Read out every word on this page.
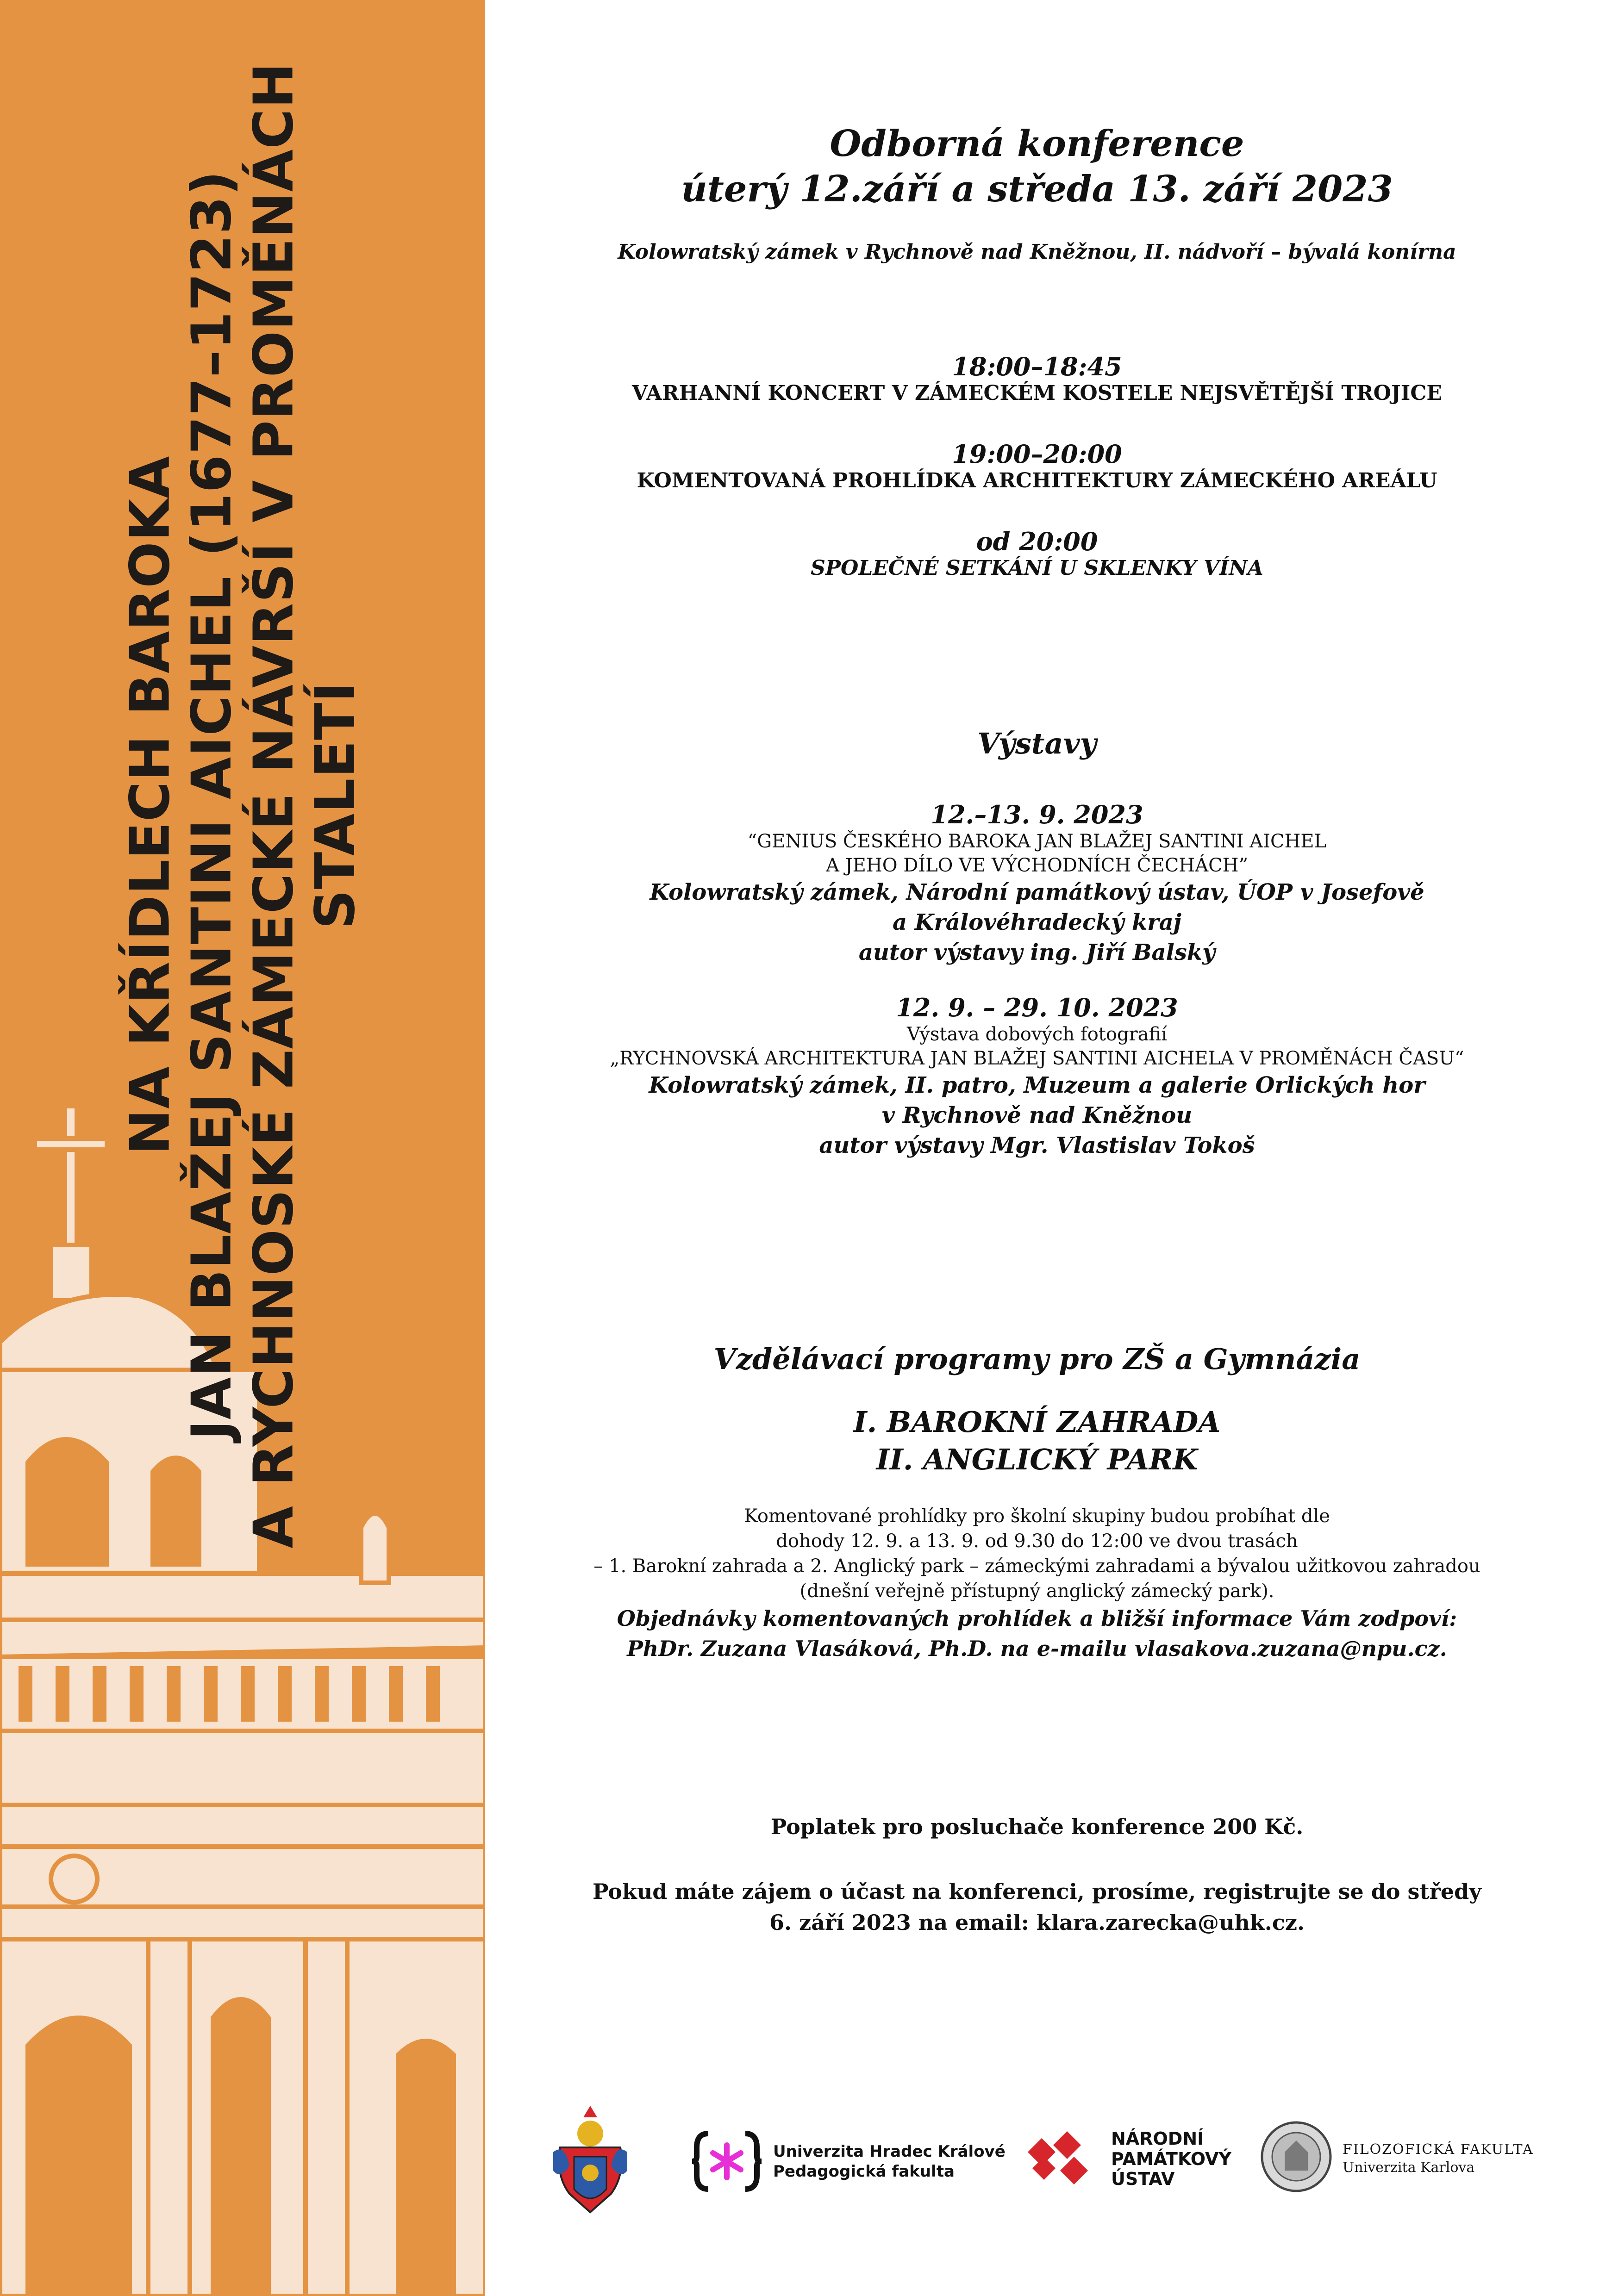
NA KŘÍDLECH BAROKA
JAN BLAŽEJ SANTINI AICHEL (1677–1723)
A RYCHNOSKÉ ZÁMECKÉ NÁVRŠÍ V PROMĚNÁCH STALETÍ
Odborná konference
úterý 12.září a středa 13. září 2023
Kolowratský zámek v Rychnově nad Kněžnou, II. nádvoří – bývalá konírna
18:00–18:45
VARHANNÍ KONCERT V ZÁMECKÉM KOSTELE NEJSVĚTĚJŠÍ TROJICE
19:00–20:00
KOMENTOVANÁ PROHLÍDKA ARCHITEKTURY ZÁMECKÉHO AREÁLU
od 20:00
SPOLEČNÉ SETKÁNÍ U SKLENKY VÍNA
Výstavy
12.–13. 9. 2023
“GENIUS ČESKÉHO BAROKA JAN BLAŽEJ SANTINI AICHEL
A JEHO DÍLO VE VÝCHODNÍCH ČECHÁCH”
Kolowratský zámek, Národní památkový ústav, ÚOP v Josefově
a Královéhradecký kraj
autor výstavy ing. Jiří Balský
12. 9. – 29. 10. 2023
Výstava dobových fotografií
„RYCHNOVSKÁ ARCHITEKTURA JAN BLAŽEJ SANTINI AICHELA V PROMĚNÁCH ČASU“
Kolowratský zámek, II. patro, Muzeum a galerie Orlických hor
v Rychnově nad Kněžnou
autor výstavy Mgr. Vlastislav Tokoš
Vzdělávací programy pro ZŠ a Gymnázia
I. BAROKNÍ ZAHRADA
II. ANGLICKÝ PARK
Komentované prohlídky pro školní skupiny budou probíhat dle
dohody 12. 9. a 13. 9. od 9.30 do 12:00 ve dvou trasách
– 1. Barokní zahrada a 2. Anglický park – zámeckými zahradami a bývalou užitkovou zahradou
(dnešní veřejně přístupný anglický zámecký park).
Objednávky komentovaných prohlídek a bližší informace Vám zodpoví:
PhDr. Zuzana Vlasáková, Ph.D. na e-mailu vlasakova.zuzana@npu.cz.
Poplatek pro posluchače konference 200 Kč.
Pokud máte zájem o účast na konferenci, prosíme, registrujte se do středy
6. září 2023 na email: klara.zarecka@uhk.cz.
Univerzita Hradec Králové
Pedagogická fakulta
NÁRODNÍ
PAMÁTKOVÝ
ÚSTAV
FILOZOFICKÁ FAKULTA
Univerzita Karlova
